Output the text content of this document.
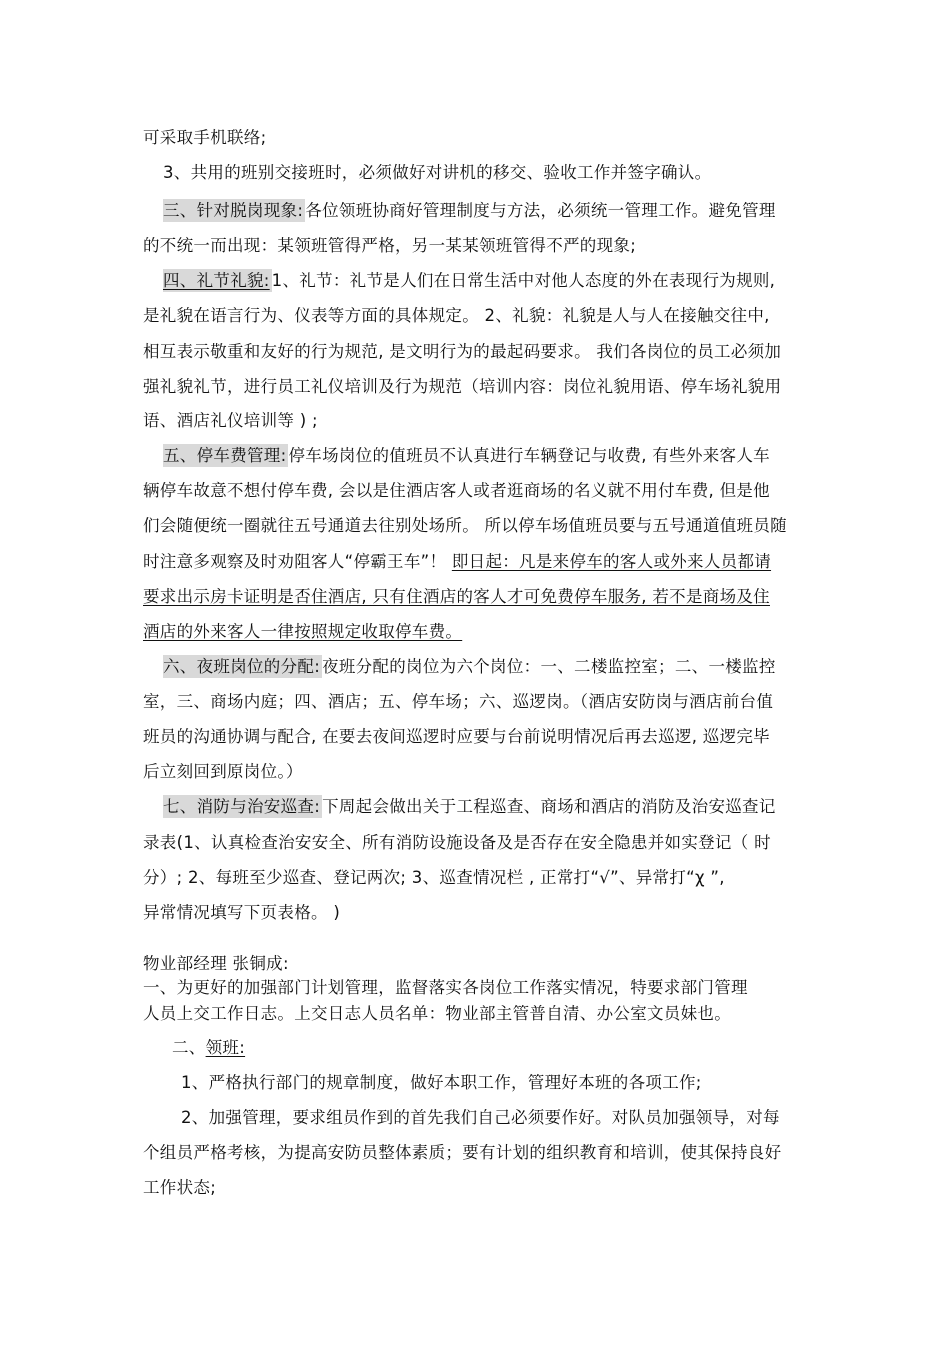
可采取手机联络;
3、共用的班别交接班时，必须做好对讲机的移交、验收工作并签字确认。
三、针对脱岗现象: 各位领班协商好管理制度与方法，必须统一管理工作。避免管理
的不统一而出现：某领班管得严格，另一某某领班管得不严的现象;
四、礼节礼貌: 1、礼节：礼节是人们在日常生活中对他人态度的外在表现行为规则,
是礼貌在语言行为、仪表等方面的具体规定。 2、礼貌：礼貌是人与人在接触交往中,
相互表示敬重和友好的行为规范, 是文明行为的最起码要求。 我们各岗位的员工必须加
强礼貌礼节，进行员工礼仪培训及行为规范（培训内容：岗位礼貌用语、停车场礼貌用
语、酒店礼仪培训等 ) ;
五、停车费管理: 停车场岗位的值班员不认真进行车辆登记与收费, 有些外来客人车
辆停车故意不想付停车费, 会以是住酒店客人或者逛商场的名义就不用付车费, 但是他
们会随便统一圈就往五号通道去往别处场所。 所以停车场值班员要与五号通道值班员随
时注意多观察及时劝阻客人“停霸王车”！ 即日起：凡是来停车的客人或外来人员都请
要求出示房卡证明是否住酒店, 只有住酒店的客人才可免费停车服务, 若不是商场及住
酒店的外来客人一律按照规定收取停车费。
六、夜班岗位的分配: 夜班分配的岗位为六个岗位：一、二楼监控室；二、一楼监控
室，三、商场内庭；四、酒店；五、停车场；六、巡逻岗。（酒店安防岗与酒店前台值
班员的沟通协调与配合, 在要去夜间巡逻时应要与台前说明情况后再去巡逻, 巡逻完毕
后立刻回到原岗位。）
七、消防与治安巡查: 下周起会做出关于工程巡查、商场和酒店的消防及治安巡查记
录表(1、认真检查治安安全、所有消防设施设备及是否存在安全隐患并如实登记（ 时
分）; 2、每班至少巡查、登记两次; 3、巡查情况栏 , 正常打“√”、异常打“χ ”,
异常情况填写下页表格。 )
物业部经理 张铜成:
一、为更好的加强部门计划管理，监督落实各岗位工作落实情况，特要求部门管理
人员上交工作日志。上交日志人员名单：物业部主管普自清、办公室文员妹也。
二、领班:
1、严格执行部门的规章制度，做好本职工作，管理好本班的各项工作;
2、加强管理，要求组员作到的首先我们自己必须要作好。对队员加强领导，对每
个组员严格考核，为提高安防员整体素质；要有计划的组织教育和培训，使其保持良好
工作状态;
